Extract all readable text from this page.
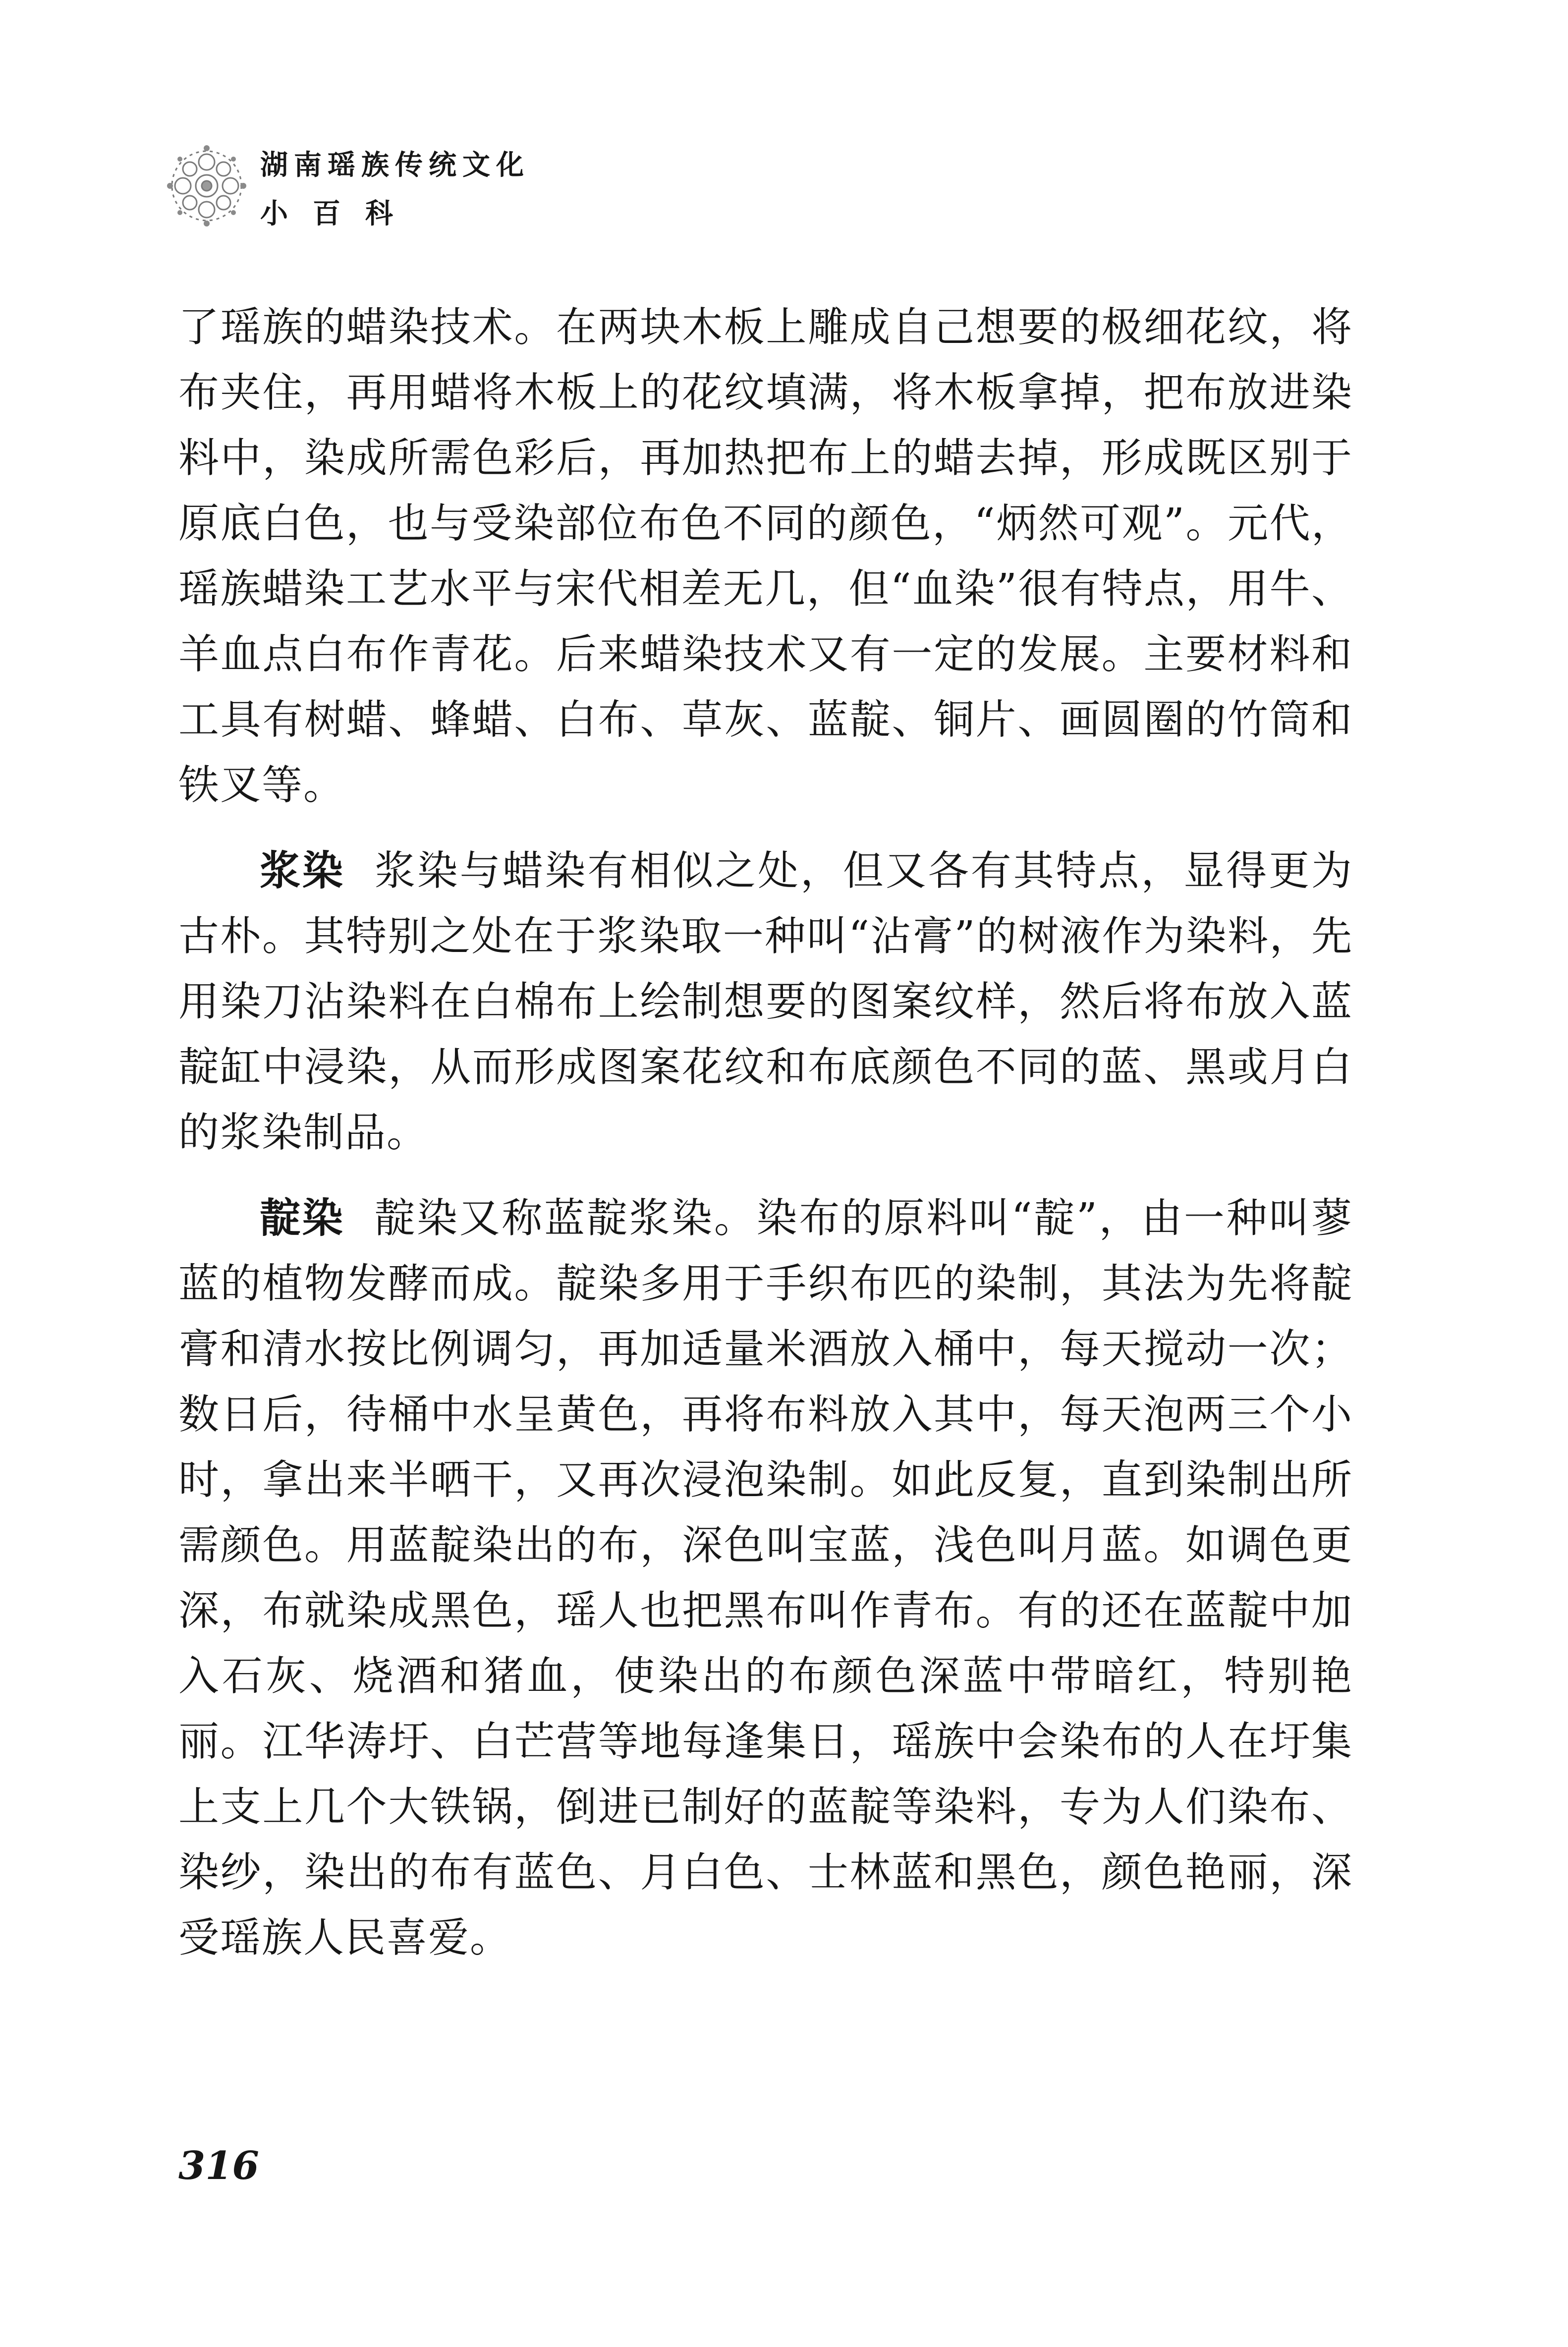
湖南瑶族传统文化
小百科

了瑶族的蜡染技术。在两块木板上雕成自己想要的极细花纹，将布夹住，再用蜡将木板上的花纹填满，将木板拿掉，把布放进染料中，染成所需色彩后，再加热把布上的蜡去掉，形成既区别于原底白色，也与受染部位布色不同的颜色，“炳然可观”。元代，瑶族蜡染工艺水平与宋代相差无几，但“血染”很有特点，用牛、羊血点白布作青花。后来蜡染技术又有一定的发展。主要材料和工具有树蜡、蜂蜡、白布、草灰、蓝靛、铜片、画圆圈的竹筒和铁叉等。

浆染 浆染与蜡染有相似之处，但又各有其特点，显得更为古朴。其特别之处在于浆染取一种叫“沾膏”的树液作为染料，先用染刀沾染料在白棉布上绘制想要的图案纹样，然后将布放入蓝靛缸中浸染，从而形成图案花纹和布底颜色不同的蓝、黑或月白的浆染制品。

靛染 靛染又称蓝靛浆染。染布的原料叫“靛”，由一种叫蓼蓝的植物发酵而成。靛染多用于手织布匹的染制，其法为先将靛膏和清水按比例调匀，再加适量米酒放入桶中，每天搅动一次；数日后，待桶中水呈黄色，再将布料放入其中，每天泡两三个小时，拿出来半晒干，又再次浸泡染制。如此反复，直到染制出所需颜色。用蓝靛染出的布，深色叫宝蓝，浅色叫月蓝。如调色更深，布就染成黑色，瑶人也把黑布叫作青布。有的还在蓝靛中加入石灰、烧酒和猪血，使染出的布颜色深蓝中带暗红，特别艳丽。江华涛圩、白芒营等地每逢集日，瑶族中会染布的人在圩集上支上几个大铁锅，倒进已制好的蓝靛等染料，专为人们染布、染纱，染出的布有蓝色、月白色、士林蓝和黑色，颜色艳丽，深受瑶族人民喜爱。

316
